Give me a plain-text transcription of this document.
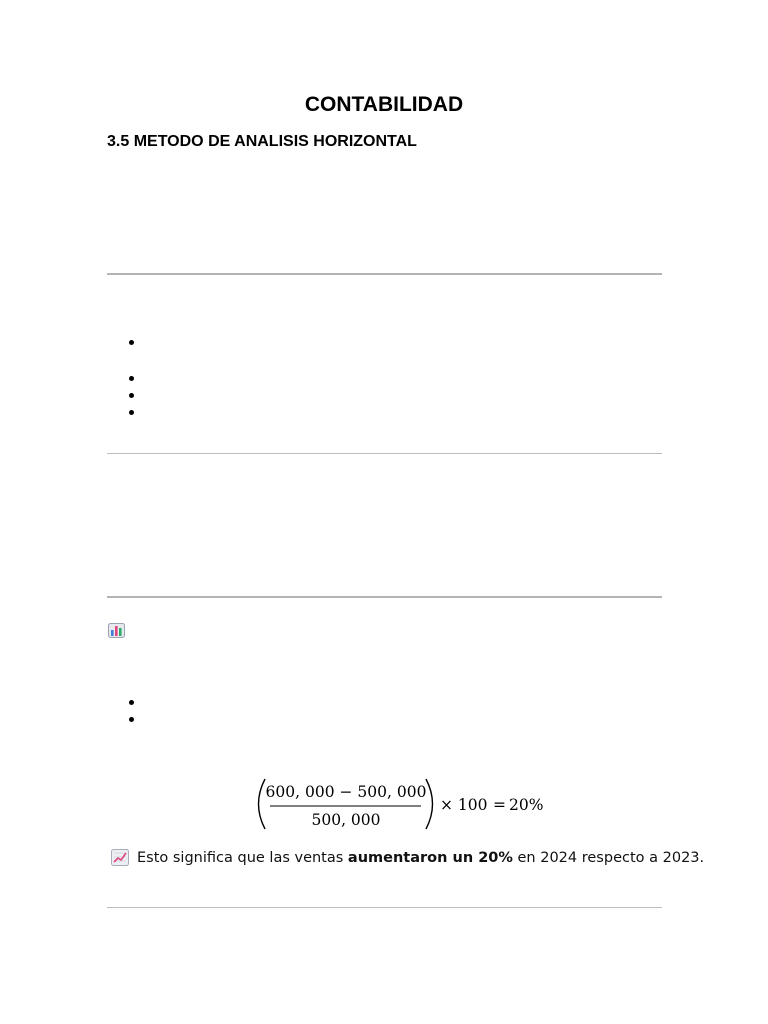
CONTABILIDAD
3.5 METODO DE ANALISIS HORIZONTAL
600, 000 − 500, 000
500, 000
× 100 = 20%
Esto significa que las ventas aumentaron un 20% en 2024 respecto a 2023.
